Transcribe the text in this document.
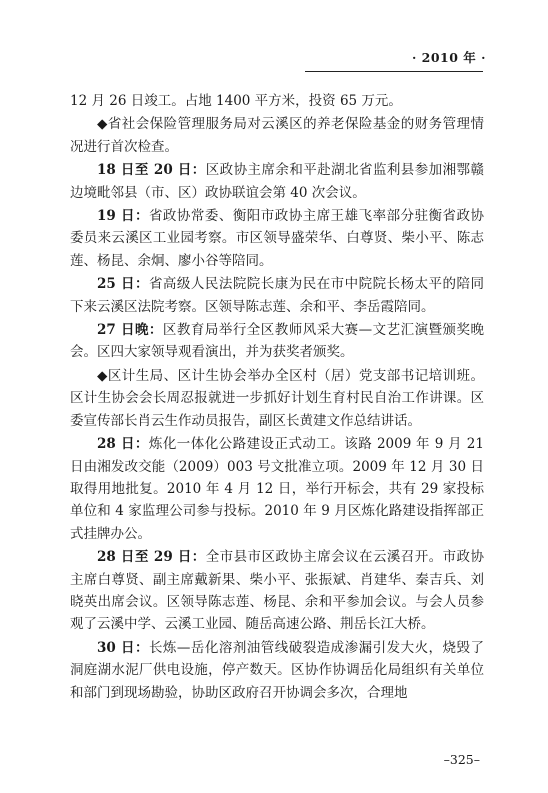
· 2010 年 ·

12 月 26 日竣工。占地 1400 平方米，投资 65 万元。

◆省社会保险管理服务局对云溪区的养老保险基金的财务管理情况进行首次检查。

18 日至 20 日：区政协主席余和平赴湖北省监利县参加湘鄂赣边境毗邻县（市、区）政协联谊会第 40 次会议。

19 日：省政协常委、衡阳市政协主席王雄飞率部分驻衡省政协委员来云溪区工业园考察。市区领导盛荣华、白尊贤、柴小平、陈志莲、杨昆、余炯、廖小谷等陪同。

25 日：省高级人民法院院长康为民在市中院院长杨太平的陪同下来云溪区法院考察。区领导陈志莲、余和平、李岳霞陪同。

27 日晚：区教育局举行全区教师风采大赛—文艺汇演暨颁奖晚会。区四大家领导观看演出，并为获奖者颁奖。

◆区计生局、区计生协会举办全区村（居）党支部书记培训班。区计生协会会长周忍报就进一步抓好计划生育村民自治工作讲课。区委宣传部长肖云生作动员报告，副区长黄建文作总结讲话。

28 日：炼化一体化公路建设正式动工。该路 2009 年 9 月 21 日由湘发改交能（2009）003 号文批准立项。2009 年 12 月 30 日取得用地批复。2010 年 4 月 12 日，举行开标会，共有 29 家投标单位和 4 家监理公司参与投标。2010 年 9 月区炼化路建设指挥部正式挂牌办公。

28 日至 29 日：全市县市区政协主席会议在云溪召开。市政协主席白尊贤、副主席戴新果、柴小平、张振斌、肖建华、秦吉兵、刘晓英出席会议。区领导陈志莲、杨昆、余和平参加会议。与会人员参观了云溪中学、云溪工业园、随岳高速公路、荆岳长江大桥。

30 日：长炼—岳化溶剂油管线破裂造成渗漏引发大火，烧毁了洞庭湖水泥厂供电设施，停产数天。区协作协调岳化局组织有关单位和部门到现场勘验，协助区政府召开协调会多次，合理地

–325–
